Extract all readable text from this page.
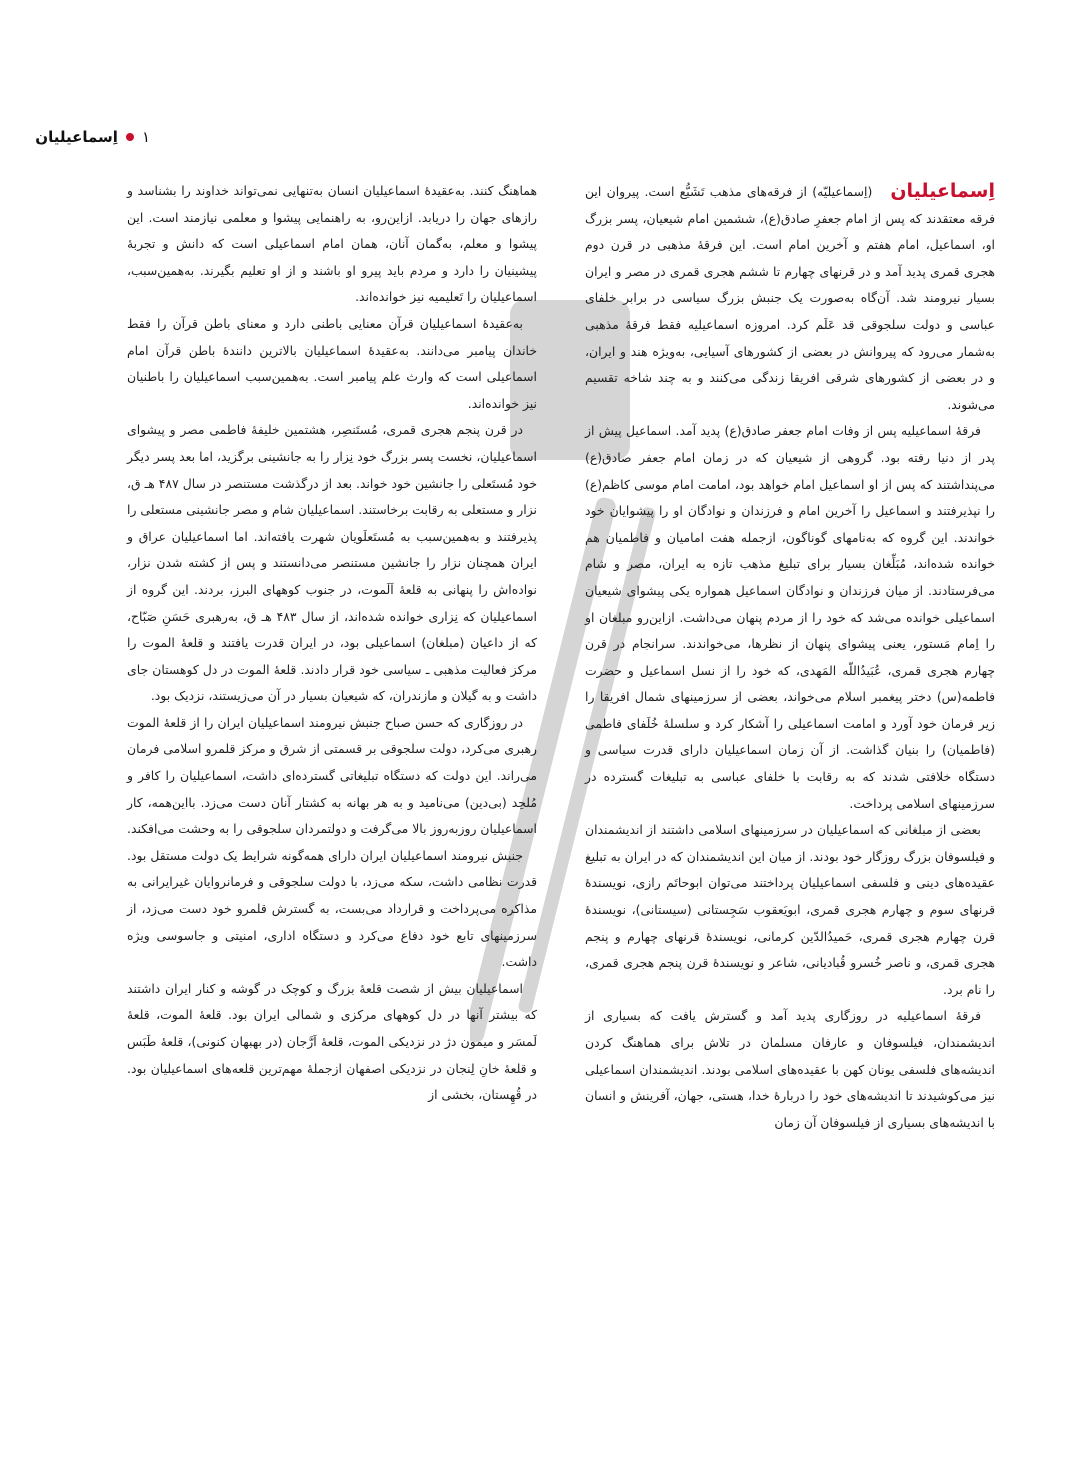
۱
اِسماعیلیان

اِسماعیلیان(اِسماعیلیّه) از فرقه‌های مذهب تَشَیُّع است. پیروان این فرقه معتقدند که پس از امام جعفرِ صادق(ع)، ششمین امام شیعیان، پسر بزرگ او، اسماعیل، امام هفتم و آخرین امام است. این فرقهٔ مذهبی در قرن دوم هجری قمری پدید آمد و در قرنهای چهارم تا ششم هجری قمری در مصر و ایران بسیار نیرومند شد. آن‌گاه به‌صورت یک جنبش بزرگ سیاسی در برابر خلفای عباسی و دولت سلجوقی قد عَلَم کرد. امروزه اسماعیلیه فقط فرقهٔ مذهبی به‌شمار می‌رود که پیروانش در بعضی از کشورهای آسیایی، به‌ویژه هند و ایران، و در بعضی از کشورهای شرقی افریقا زندگی می‌کنند و به چند شاخه تقسیم می‌شوند.

فرقهٔ اسماعیلیه پس از وفات امام جعفر صادق(ع) پدید آمد. اسماعیل پیش از پدر از دنیا رفته بود. گروهی از شیعیان که در زمان امام جعفر صادق(ع) می‌پنداشتند که پس از او اسماعیل امام خواهد بود، امامت امام موسی کاظم(ع) را نپذیرفتند و اسماعیل را آخرین امام و فرزندان و نوادگان او را پیشوایان خود خواندند. این گروه که به‌نامهای گوناگون، ازجمله هفت امامیان و فاطمیان هم خوانده شده‌اند، مُبَلِّغان بسیار برای تبلیغ مذهب تازه به ایران، مصر و شام می‌فرستادند. از میان فرزندان و نوادگان اسماعیل همواره یکی پیشوای شیعیان اسماعیلی خوانده می‌شد که خود را از مردم پنهان می‌داشت. ازاین‌رو مبلغان او را اِمام مَستور، یعنی پیشوای پنهان از نظرها، می‌خواندند. سرانجام در قرن چهارم هجری قمری، عُبَیدُاللّه المَهدی، که خود را از نسل اسماعیل و حضرت فاطمه(س) دختر پیغمبر اسلام می‌خواند، بعضی از سرزمینهای شمال افریقا را زیر فرمان خود آورد و امامت اسماعیلی را آشکار کرد و سلسلهٔ خُلَفای فاطمی (فاطمیان) را بنیان گذاشت. از آن زمان اسماعیلیان دارای قدرت سیاسی و دستگاه خلافتی شدند که به رقابت با خلفای عباسی به تبلیغات گسترده در سرزمینهای اسلامی پرداخت.

بعضی از مبلغانی که اسماعیلیان در سرزمینهای اسلامی داشتند از اندیشمندان و فیلسوفان بزرگ روزگار خود بودند. از میان این اندیشمندان که در ایران به تبلیغ عقیده‌های دینی و فلسفی اسماعیلیان پرداختند می‌توان ابوحاتَم رازی، نویسندهٔ قرنهای سوم و چهارم هجری قمری، ابویَعقوب سَجِستانی (سیستانی)، نویسندهٔ قرن چهارم هجری قمری، حَمیدُالدّین کرمانی، نویسندهٔ قرنهای چهارم و پنجم هجری قمری، و ناصر خُسرو قُبادیانی، شاعر و نویسندهٔ قرن پنجم هجری قمری، را نام برد.

فرقهٔ اسماعیلیه در روزگاری پدید آمد و گسترش یافت که بسیاری از اندیشمندان، فیلسوفان و عارفان مسلمان در تلاش برای هماهنگ کردن اندیشه‌های فلسفی یونان کهن با عقیده‌های اسلامی بودند. اندیشمندان اسماعیلی نیز می‌کوشیدند تا اندیشه‌های خود را دربارهٔ خدا، هستی، جهان، آفرینش و انسان با اندیشه‌های بسیاری از فیلسوفان آن زمان

هماهنگ کنند. به‌عقیدهٔ اسماعیلیان انسان به‌تنهایی نمی‌تواند خداوند را بشناسد و رازهای جهان را دریابد. ازاین‌رو، به راهنمایی پیشوا و معلمی نیازمند است. این پیشوا و معلم، به‌گمان آنان، همان امام اسماعیلی است که دانش و تجربهٔ پیشینیان را دارد و مردم باید پیرو او باشند و از او تعلیم بگیرند. به‌همین‌سبب، اسماعیلیان را تَعلیمیه نیز خوانده‌اند.

به‌عقیدهٔ اسماعیلیان قرآن معنایی باطنی دارد و معنای باطن قرآن را فقط خاندان پیامبر می‌دانند. به‌عقیدهٔ اسماعیلیان بالاترین دانندهٔ باطن قرآن امام اسماعیلی است که وارث علم پیامبر است. به‌همین‌سبب اسماعیلیان را باطنیان نیز خوانده‌اند.

در قرن پنجم هجری قمری، مُستَنصِر، هشتمین خلیفهٔ فاطمی مصر و پیشوای اسماعیلیان، نخست پسر بزرگ خود نِزار را به جانشینی برگزید، اما بعد پسر دیگر خود مُستَعلی را جانشین خود خواند. بعد از درگذشت مستنصر در سال ۴۸۷ هـ ق، نزار و مستعلی به رقابت برخاستند. اسماعیلیان شام و مصر جانشینی مستعلی را پذیرفتند و به‌همین‌سبب به مُستَعلَویان شهرت یافته‌اند. اما اسماعیلیان عراق و ایران همچنان نزار را جانشین مستنصر می‌دانستند و پس از کشته شدن نزار، نواده‌اش را پنهانی به قلعهٔ اَلَموت، در جنوب کوههای البرز، بردند. این گروه از اسماعیلیان که نِزاری خوانده شده‌اند، از سال ۴۸۳ هـ ق، به‌رهبری حَسَنِ صَبّاح، که از داعیان (مبلغان) اسماعیلی بود، در ایران قدرت یافتند و قلعهٔ الموت را مرکز فعالیت مذهبی ـ سیاسی خود قرار دادند. قلعهٔ الموت در دل کوهستان جای داشت و به گیلان و مازندران، که شیعیان بسیار در آن می‌زیستند، نزدیک بود.

در روزگاری که حسن صباح جنبش نیرومند اسماعیلیان ایران را از قلعهٔ الموت رهبری می‌کرد، دولت سلجوقی بر قسمتی از شرق و مرکز قلمرو اسلامی فرمان می‌راند. این دولت که دستگاه تبلیغاتی گسترده‌ای داشت، اسماعیلیان را کافر و مُلحِد (بی‌دین) می‌نامید و به هر بهانه به کشتار آنان دست می‌زد. بااین‌همه، کار اسماعیلیان روزبه‌روز بالا می‌گرفت و دولتمردان سلجوقی را به وحشت می‌افکند.

جنبش نیرومند اسماعیلیان ایران دارای همه‌گونه شرایط یک دولت مستقل بود. قدرت نظامی داشت، سکه می‌زد، با دولت سلجوقی و فرمانروایان غیرایرانی به مذاکره می‌پرداخت و قرارداد می‌بست، به گسترش قلمرو خود دست می‌زد، از سرزمینهای تابع خود دفاع می‌کرد و دستگاه اداری، امنیتی و جاسوسی ویژه داشت.

اسماعیلیان بیش از شصت قلعهٔ بزرگ و کوچک در گوشه و کنار ایران داشتند که بیشتر آنها در دل کوههای مرکزی و شمالی ایران بود. قلعهٔ الموت، قلعهٔ لَمسَر و میمون دژ در نزدیکی الموت، قلعهٔ اَرَّجان (در بهبهان کنونی)، قلعهٔ طَبَس و قلعهٔ خانِ لِنجان در نزدیکی اصفهان ازجملهٔ مهم‌ترین قلعه‌های اسماعیلیان بود. در قُهِستان، بخشی از
